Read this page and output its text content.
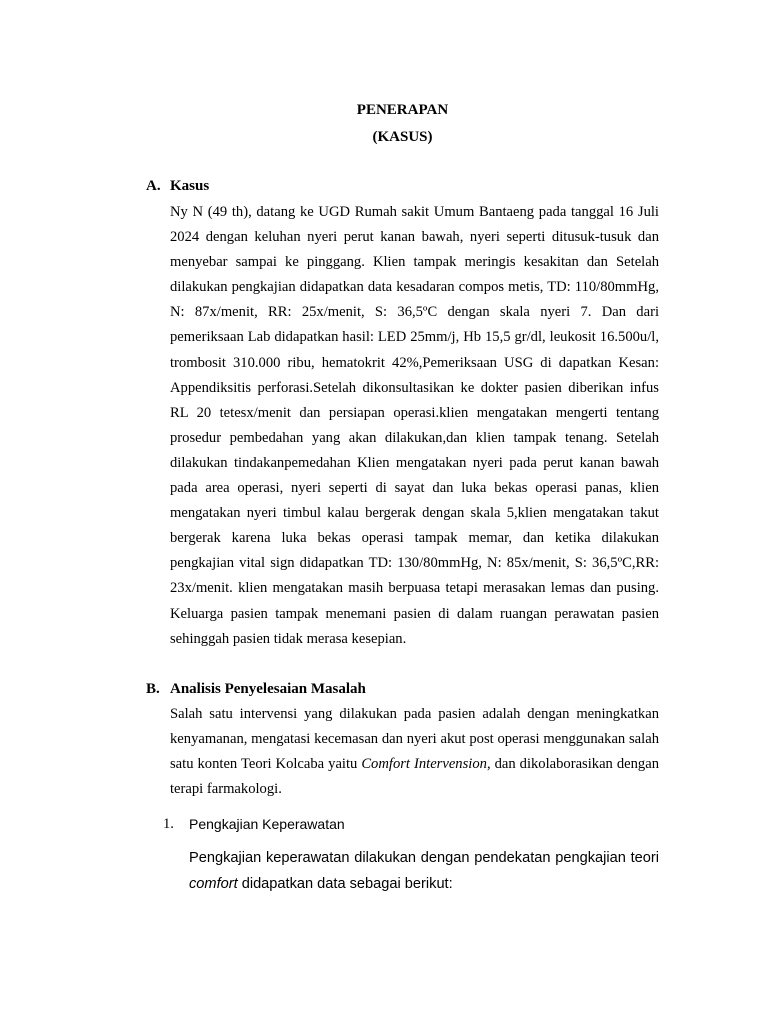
PENERAPAN
(KASUS)
A. Kasus
Ny N (49 th), datang ke UGD Rumah sakit Umum Bantaeng pada tanggal 16 Juli 2024 dengan keluhan nyeri perut kanan bawah, nyeri seperti ditusuk-tusuk dan menyebar sampai ke pinggang. Klien tampak meringis kesakitan dan Setelah dilakukan pengkajian didapatkan data kesadaran compos metis, TD: 110/80mmHg, N: 87x/menit, RR: 25x/menit, S: 36,5ºC dengan skala nyeri 7. Dan dari pemeriksaan Lab didapatkan hasil: LED 25mm/j, Hb 15,5 gr/dl, leukosit 16.500u/l, trombosit 310.000 ribu, hematokrit 42%,Pemeriksaan USG di dapatkan Kesan: Appendiksitis perforasi.Setelah dikonsultasikan ke dokter pasien diberikan infus RL 20 tetesx/menit dan persiapan operasi.klien mengatakan mengerti tentang prosedur pembedahan yang akan dilakukan,dan klien tampak tenang. Setelah dilakukan tindakanpemedahan Klien mengatakan nyeri pada perut kanan bawah pada area operasi, nyeri seperti di sayat dan luka bekas operasi panas, klien mengatakan nyeri timbul kalau bergerak dengan skala 5,klien mengatakan takut bergerak karena luka bekas operasi tampak memar, dan ketika dilakukan pengkajian vital sign didapatkan TD: 130/80mmHg, N: 85x/menit, S: 36,5ºC,RR: 23x/menit. klien mengatakan masih berpuasa tetapi merasakan lemas dan pusing. Keluarga pasien tampak menemani pasien di dalam ruangan perawatan pasien sehinggah pasien tidak merasa kesepian.
B. Analisis Penyelesaian Masalah
Salah satu intervensi yang dilakukan pada pasien adalah dengan meningkatkan kenyamanan, mengatasi kecemasan dan nyeri akut post operasi menggunakan salah satu konten Teori Kolcaba yaitu Comfort Intervension, dan dikolaborasikan dengan terapi farmakologi.
1. Pengkajian Keperawatan
Pengkajian keperawatan dilakukan dengan pendekatan pengkajian teori comfort didapatkan data sebagai berikut:
